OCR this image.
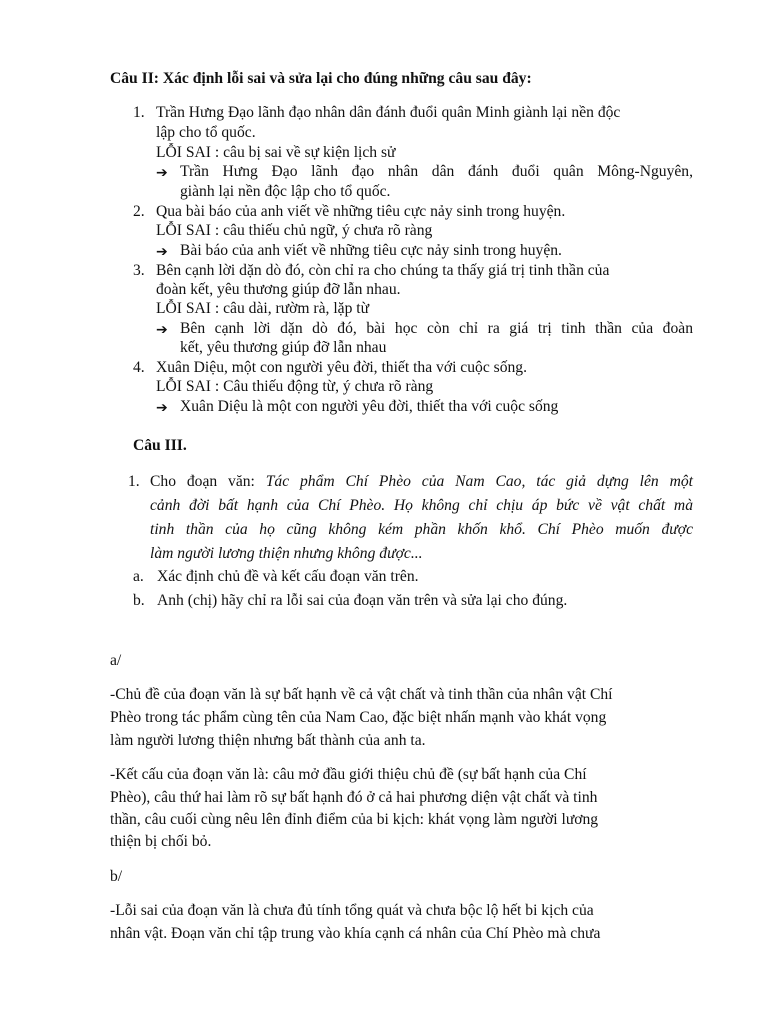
Câu II: Xác định lỗi sai và sửa lại cho đúng những câu sau đây:
1. Trần Hưng Đạo lãnh đạo nhân dân đánh đuổi quân Minh giành lại nền độc
lập cho tổ quốc.
LỖI SAI : câu bị sai về sự kiện lịch sử
➔ Trần Hưng Đạo lãnh đạo nhân dân đánh đuổi quân Mông-Nguyên,
giành lại nền độc lập cho tổ quốc.
2. Qua bài báo của anh viết về những tiêu cực nảy sinh trong huyện.
LỖI SAI : câu thiếu chủ ngữ, ý chưa rõ ràng
➔ Bài báo của anh viết về những tiêu cực nảy sinh trong huyện.
3. Bên cạnh lời dặn dò đó, còn chỉ ra cho chúng ta thấy giá trị tinh thần của
đoàn kết, yêu thương giúp đỡ lẫn nhau.
LỖI SAI : câu dài, rườm rà, lặp từ
➔ Bên cạnh lời dặn dò đó, bài học còn chỉ ra giá trị tinh thần của đoàn
kết, yêu thương giúp đỡ lẫn nhau
4. Xuân Diệu, một con người yêu đời, thiết tha với cuộc sống.
LỖI SAI : Câu thiếu động từ, ý chưa rõ ràng
➔ Xuân Diệu là một con người yêu đời, thiết tha với cuộc sống
Câu III.
1. Cho đoạn văn: Tác phẩm Chí Phèo của Nam Cao, tác giả dựng lên một
cảnh đời bất hạnh của Chí Phèo. Họ không chỉ chịu áp bức về vật chất mà
tinh thần của họ cũng không kém phần khốn khổ. Chí Phèo muốn được
làm người lương thiện nhưng không được...
a. Xác định chủ đề và kết cấu đoạn văn trên.
b. Anh (chị) hãy chỉ ra lỗi sai của đoạn văn trên và sửa lại cho đúng.
a/
-Chủ đề của đoạn văn là sự bất hạnh về cả vật chất và tinh thần của nhân vật Chí
Phèo trong tác phẩm cùng tên của Nam Cao, đặc biệt nhấn mạnh vào khát vọng
làm người lương thiện nhưng bất thành của anh ta.
-Kết cấu của đoạn văn là: câu mở đầu giới thiệu chủ đề (sự bất hạnh của Chí
Phèo), câu thứ hai làm rõ sự bất hạnh đó ở cả hai phương diện vật chất và tinh
thần, câu cuối cùng nêu lên đỉnh điểm của bi kịch: khát vọng làm người lương
thiện bị chối bỏ.
b/
-Lỗi sai của đoạn văn là chưa đủ tính tổng quát và chưa bộc lộ hết bi kịch của
nhân vật. Đoạn văn chỉ tập trung vào khía cạnh cá nhân của Chí Phèo mà chưa
